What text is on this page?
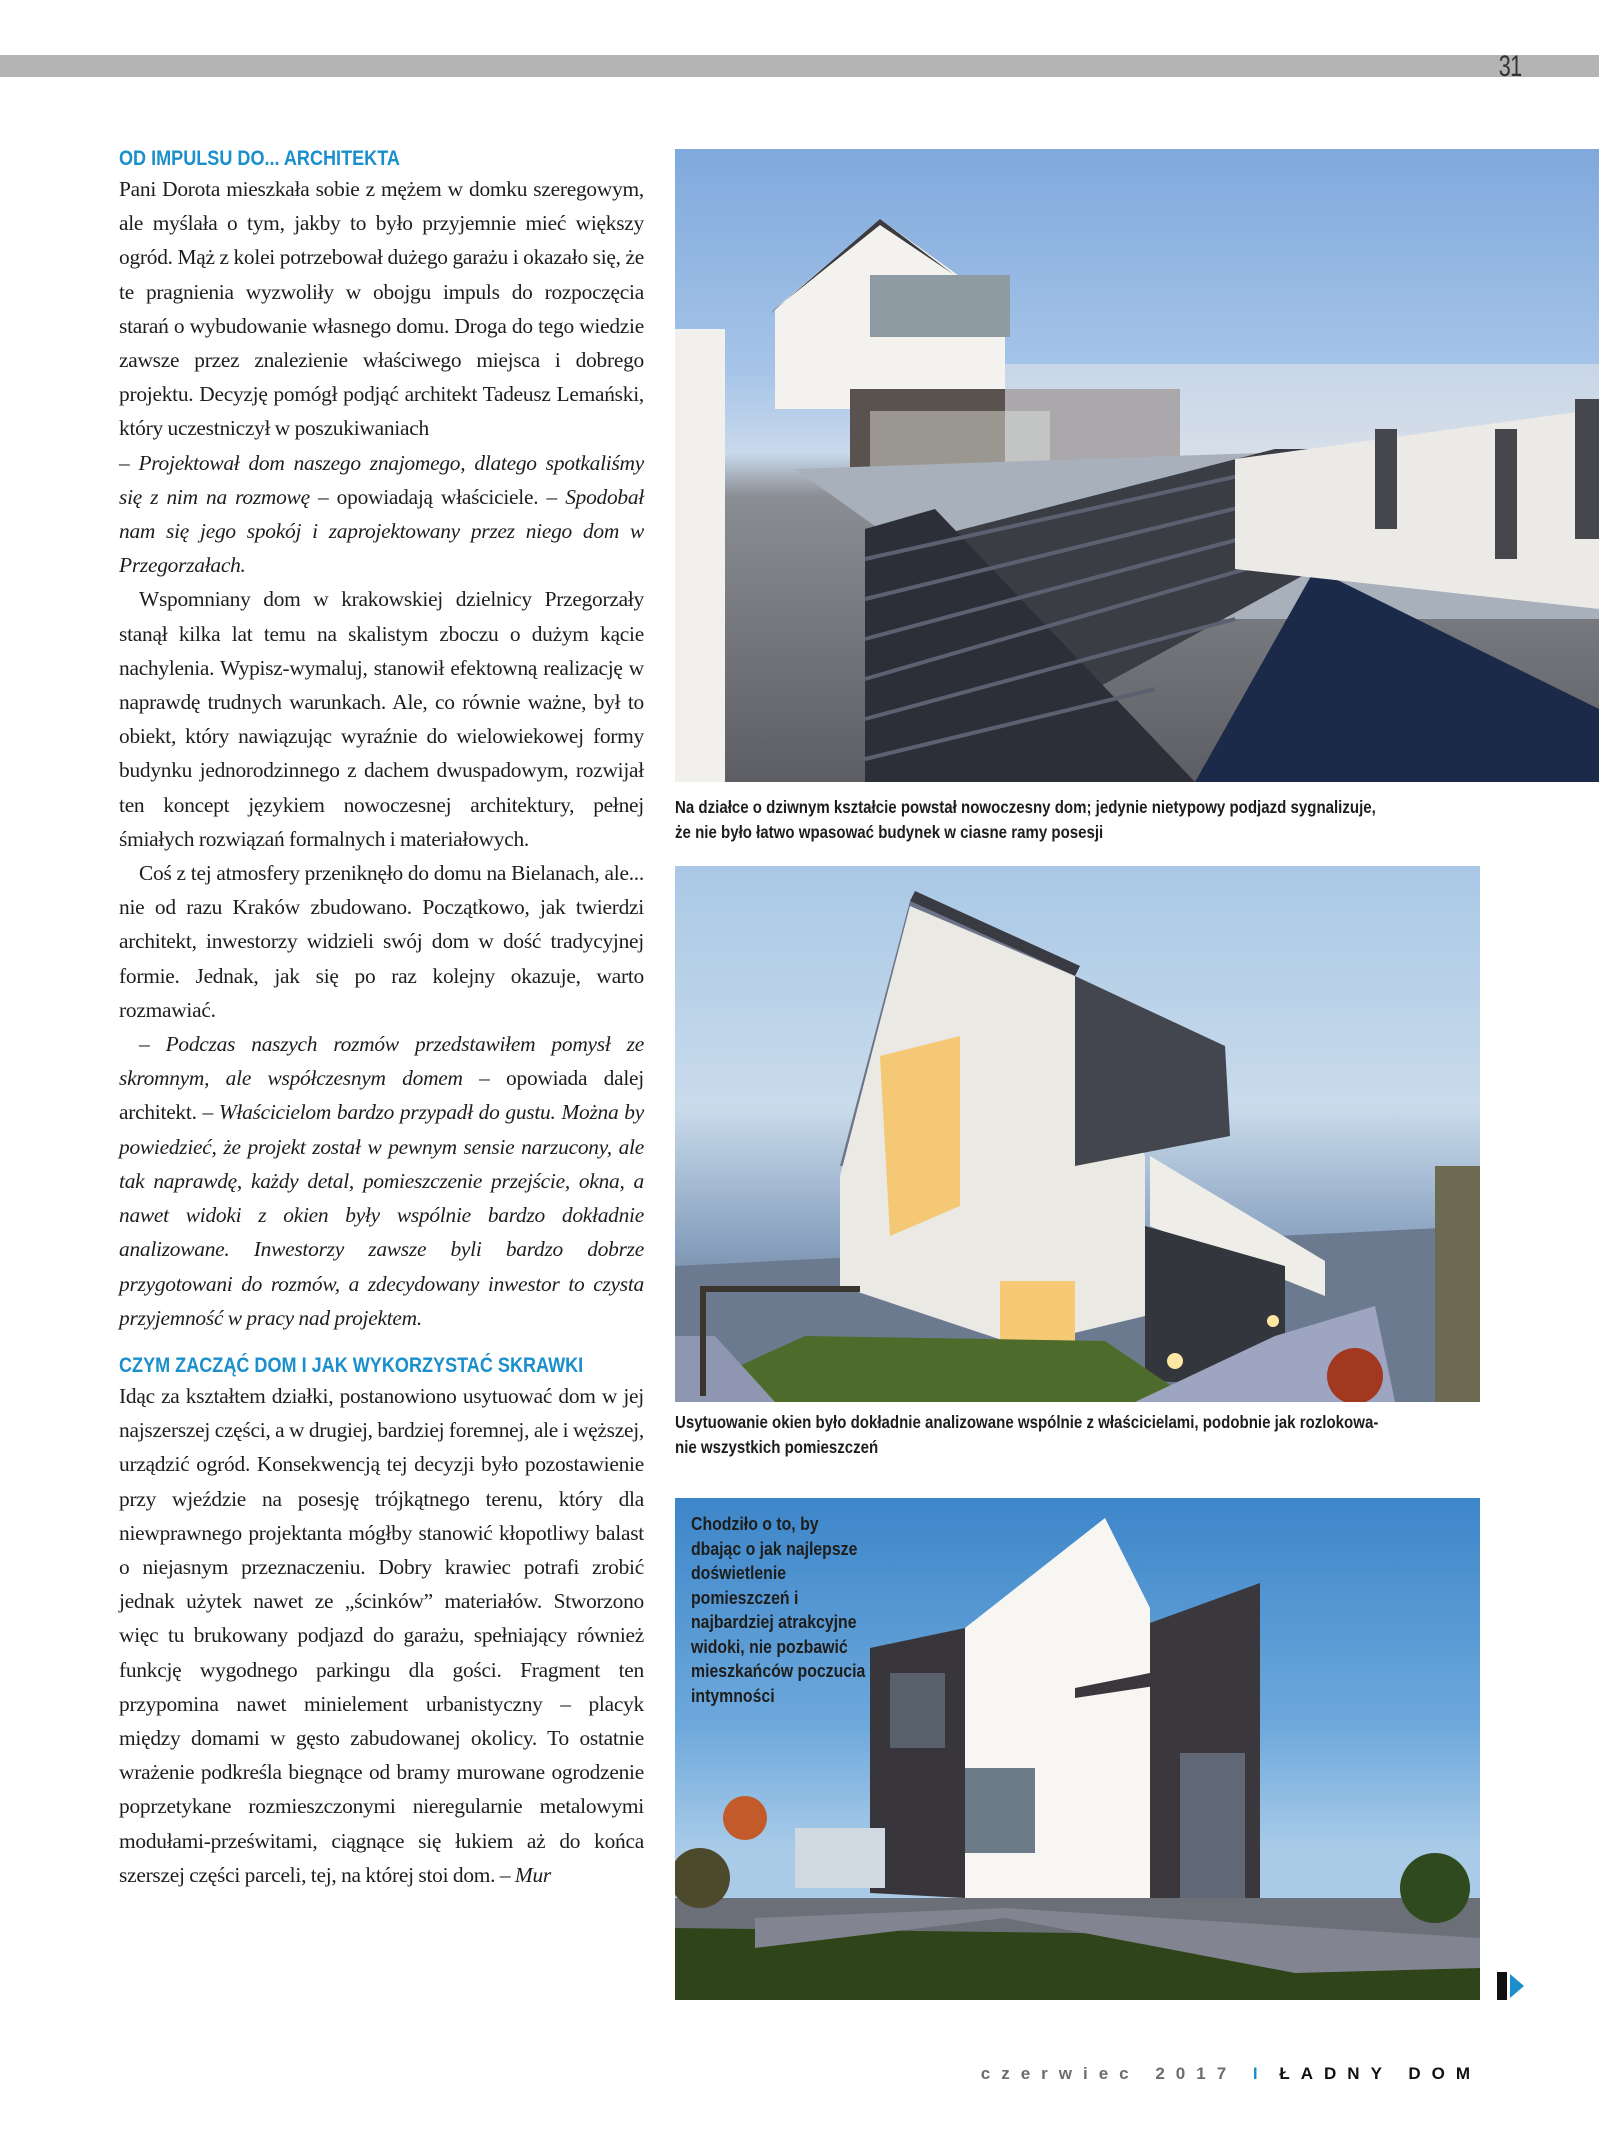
31
OD IMPULSU DO... ARCHITEKTA

Pani Dorota mieszkała sobie z mężem w domku szeregowym, ale myślała o tym, jakby to było przyjemnie mieć większy ogród. Mąż z kolei potrzebował dużego garażu i okazało się, że te pragnienia wyzwoliły w obojgu impuls do rozpoczęcia starań o wybudowanie własnego domu. Droga do tego wiedzie zawsze przez znalezienie właściwego miejsca i dobrego projektu. Decyzję pomógł podjąć architekt Tadeusz Lemański, który uczestniczył w poszukiwaniach

– Projektował dom naszego znajomego, dlatego spotkaliśmy się z nim na rozmowę – opowiadają właściciele. – Spodobał nam się jego spokój i zaprojektowany przez niego dom w Przegorzałach.

Wspomniany dom w krakowskiej dzielnicy Przegorzały stanął kilka lat temu na skalistym zboczu o dużym kącie nachylenia. Wypisz-wymaluj, stanowił efektowną realizację w naprawdę trudnych warunkach. Ale, co równie ważne, był to obiekt, który nawiązując wyraźnie do wielowiekowej formy budynku jednorodzinnego z dachem dwuspadowym, rozwijał ten koncept językiem nowoczesnej architektury, pełnej śmiałych rozwiązań formalnych i materiałowych.

Coś z tej atmosfery przeniknęło do domu na Bielanach, ale... nie od razu Kraków zbudowano. Początkowo, jak twierdzi architekt, inwestorzy widzieli swój dom w dość tradycyjnej formie. Jednak, jak się po raz kolejny okazuje, warto rozmawiać.

– Podczas naszych rozmów przedstawiłem pomysł ze skromnym, ale współczesnym domem – opowiada dalej architekt. – Właścicielom bardzo przypadł do gustu. Można by powiedzieć, że projekt został w pewnym sensie narzucony, ale tak naprawdę, każdy detal, pomieszczenie przejście, okna, a nawet widoki z okien były wspólnie bardzo dokładnie analizowane. Inwestorzy zawsze byli bardzo dobrze przygotowani do rozmów, a zdecydowany inwestor to czysta przyjemność w pracy nad projektem.

CZYM ZACZĄĆ DOM I JAK WYKORZYSTAĆ SKRAWKI

Idąc za kształtem działki, postanowiono usytuować dom w jej najszerszej części, a w drugiej, bardziej foremnej, ale i węższej, urządzić ogród. Konsekwencją tej decyzji było pozostawienie przy wjeździe na posesję trójkątnego terenu, który dla niewprawnego projektanta mógłby stanowić kłopotliwy balast o niejasnym przeznaczeniu. Dobry krawiec potrafi zrobić jednak użytek nawet ze „ścinków” materiałów. Stworzono więc tu brukowany podjazd do garażu, spełniający również funkcję wygodnego parkingu dla gości. Fragment ten przypomina nawet minielement urbanistyczny – placyk między domami w gęsto zabudowanej okolicy. To ostatnie wrażenie podkreśla biegnące od bramy murowane ogrodzenie poprzetykane rozmieszczonymi nieregularnie metalowymi modułami-prześwitami, ciągnące się łukiem aż do końca szerszej części parceli, tej, na której stoi dom. – Mur

Na działce o dziwnym kształcie powstał nowoczesny dom; jedynie nietypowy podjazd sygnalizuje,
że nie było łatwo wpasować budynek w ciasne ramy posesji
Usytuowanie okien było dokładnie analizowane wspólnie z właścicielami, podobnie jak rozlokowa-
nie wszystkich pomieszczeń
Chodziło o to, by dbając o jak najlepsze doświetlenie pomieszczeń i najbardziej atrakcyjne widoki, nie pozbawić mieszkańców poczucia intymności
czerwiec 2017 I ŁADNY DOM
